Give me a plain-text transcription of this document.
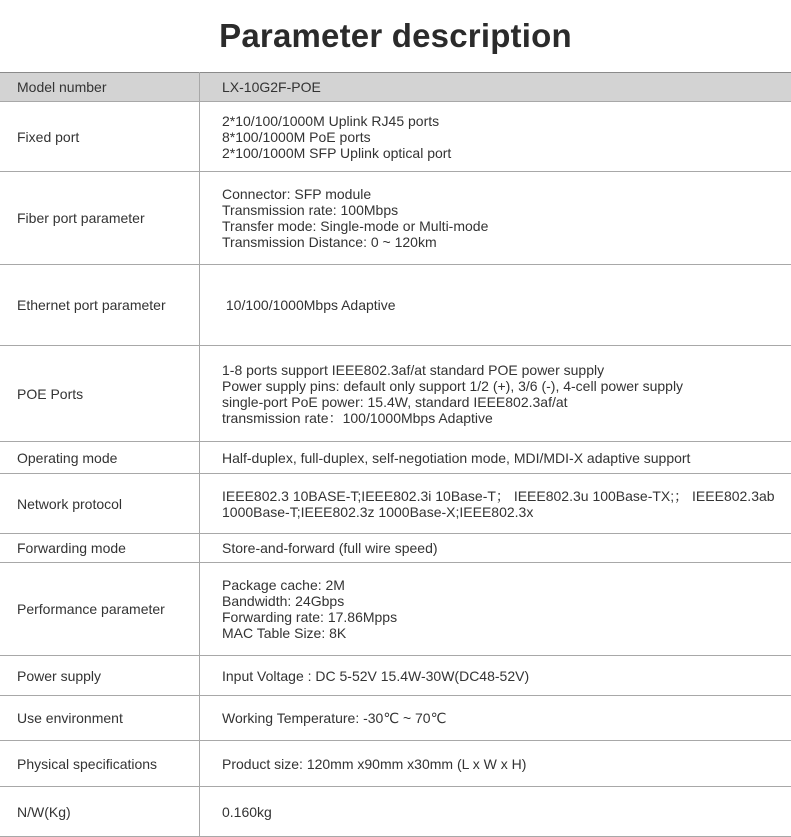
Parameter description
Model number	LX-10G2F-POE

Fixed port	2*10/100/1000M Uplink RJ45 ports
8*100/1000M PoE ports
2*100/1000M SFP Uplink optical port

Fiber port parameter	Connector: SFP module
Transmission rate: 100Mbps
Transfer mode: Single-mode or Multi-mode
Transmission Distance: 0 ~ 120km

Ethernet port parameter	10/100/1000Mbps Adaptive

POE Ports	1-8 ports support IEEE802.3af/at standard POE power supply
Power supply pins: default only support 1/2 (+), 3/6 (-), 4-cell power supply
single-port PoE power: 15.4W, standard IEEE802.3af/at
transmission rate：100/1000Mbps Adaptive

Operating mode	Half-duplex, full-duplex, self-negotiation mode, MDI/MDI-X adaptive support

Network protocol	IEEE802.3 10BASE-T;IEEE802.3i 10Base-T； IEEE802.3u 100Base-TX;； IEEE802.3ab
1000Base-T;IEEE802.3z 1000Base-X;IEEE802.3x

Forwarding mode	Store-and-forward (full wire speed)

Performance parameter	Package cache: 2M
Bandwidth: 24Gbps
Forwarding rate: 17.86Mpps
MAC Table Size: 8K

Power supply	Input Voltage : DC 5-52V 15.4W-30W(DC48-52V)

Use environment	Working Temperature: -30℃ ~ 70℃

Physical specifications	Product size: 120mm x90mm x30mm (L x W x H)

N/W(Kg)	0.160kg
